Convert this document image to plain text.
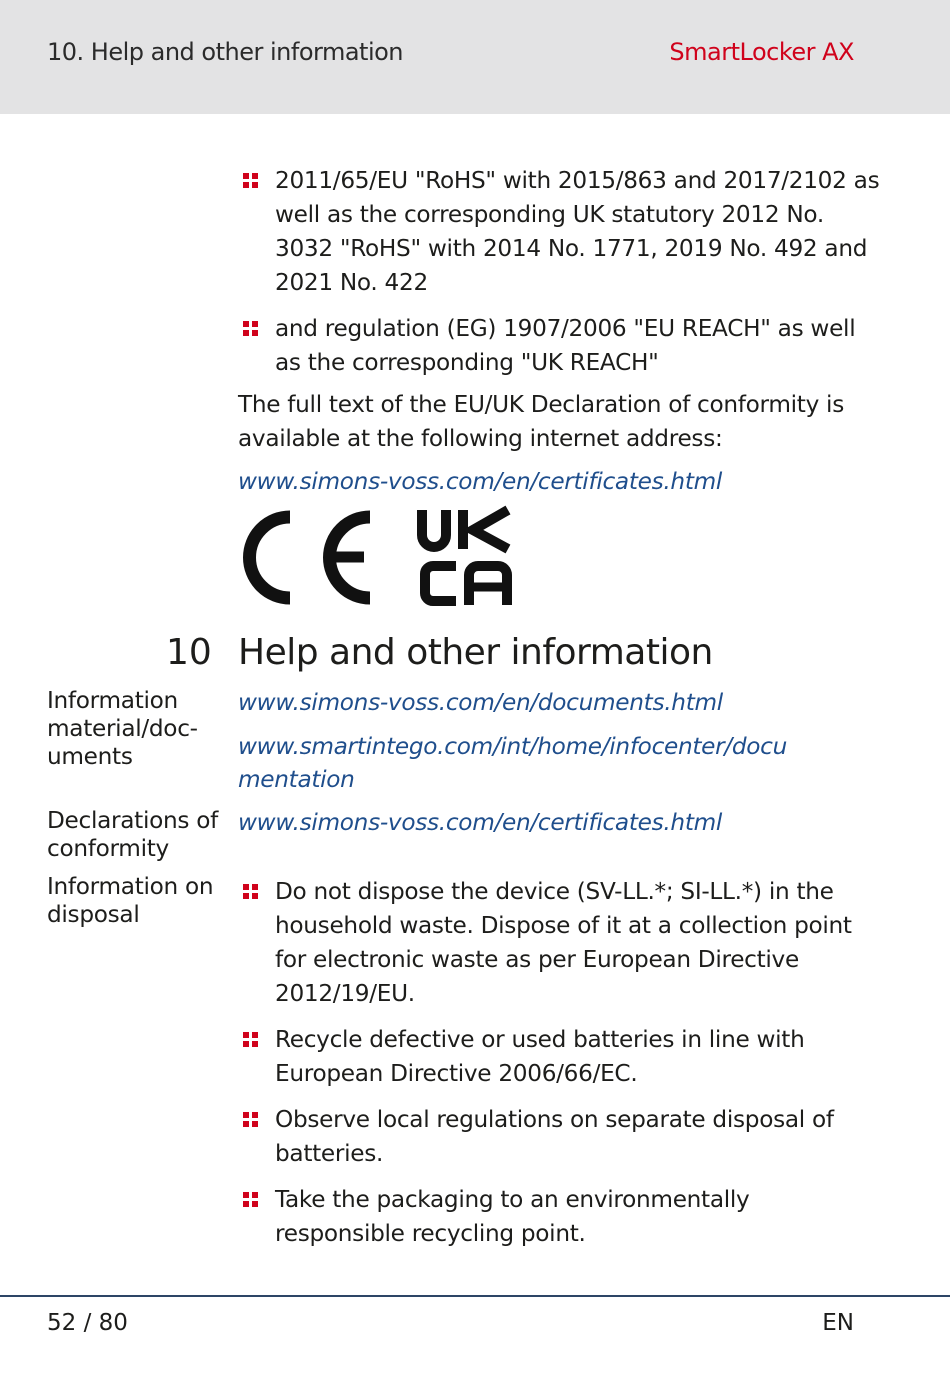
10. Help and other information	SmartLocker AX
2011/65/EU "RoHS" with 2015/863 and 2017/2102 as well as the corresponding UK statutory 2012 No. 3032 "RoHS" with 2014 No. 1771, 2019 No. 492 and 2021 No. 422
and regulation (EG) 1907/2006 "EU REACH" as well as the corresponding "UK REACH"

The full text of the EU/UK Declaration of conformity is available at the following internet address:

www.simons-voss.com/en/certificates.html
10 Help and other information
Information material/documents
www.simons-voss.com/en/documents.html
www.smartintego.com/int/home/infocenter/documentation
Declarations of conformity
www.simons-voss.com/en/certificates.html
Information on disposal
Do not dispose the device (SV-LL.*; SI-LL.*) in the household waste. Dispose of it at a collection point for electronic waste as per European Directive 2012/19/EU.
Recycle defective or used batteries in line with European Directive 2006/66/EC.
Observe local regulations on separate disposal of batteries.
Take the packaging to an environmentally responsible recycling point.
52 / 80	EN
